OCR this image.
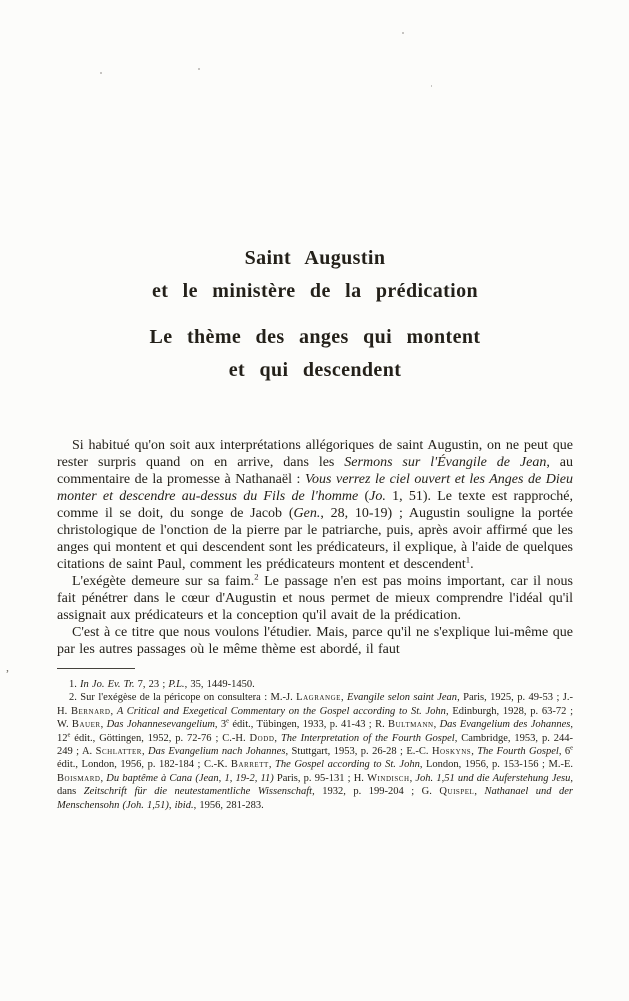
,
Saint Augustin
et le ministère de la prédication
Le thème des anges qui montent
et qui descendent

Si habitué qu'on soit aux interprétations allégoriques de saint Augustin, on ne peut que rester surpris quand on en arrive, dans les Sermons sur l'Évangile de Jean, au commentaire de la promesse à Nathanaël : Vous verrez le ciel ouvert et les Anges de Dieu monter et descendre au-dessus du Fils de l'homme (Jo. 1, 51). Le texte est rapproché, comme il se doit, du songe de Jacob (Gen., 28, 10-19) ; Augustin souligne la portée christologique de l'onction de la pierre par le patriarche, puis, après avoir affirmé que les anges qui montent et qui descendent sont les prédicateurs, il explique, à l'aide de quelques citations de saint Paul, comment les prédicateurs montent et descendent$^1$.

L'exégète demeure sur sa faim.$^2$ Le passage n'en est pas moins important, car il nous fait pénétrer dans le cœur d'Augustin et nous permet de mieux comprendre l'idéal qu'il assignait aux prédicateurs et la conception qu'il avait de la prédication.

C'est à ce titre que nous voulons l'étudier. Mais, parce qu'il ne s'explique lui-même que par les autres passages où le même thème est abordé, il faut

1. In Jo. Ev. Tr. 7, 23 ; P.L., 35, 1449-1450.

2. Sur l'exégèse de la péricope on consultera : M.-J. Lagrange, Evangile selon saint Jean, Paris, 1925, p. 49-53 ; J.-H. Bernard, A Critical and Exegetical Commentary on the Gospel according to St. John, Edinburgh, 1928, p. 63-72 ; W. Bauer, Das Johannesevangelium, 3e édit., Tübingen, 1933, p. 41-43 ; R. Bultmann, Das Evangelium des Johannes, 12e édit., Göttingen, 1952, p. 72-76 ; C.-H. Dodd, The Interpretation of the Fourth Gospel, Cambridge, 1953, p. 244-249 ; A. Schlatter, Das Evangelium nach Johannes, Stuttgart, 1953, p. 26-28 ; E.-C. Hoskyns, The Fourth Gospel, 6e édit., London, 1956, p. 182-184 ; C.-K. Barrett, The Gospel according to St. John, London, 1956, p. 153-156 ; M.-E. Boismard, Du baptême à Cana (Jean, 1, 19-2, 11) Paris, p. 95-131 ; H. Windisch, Joh. 1,51 und die Auferstehung Jesu, dans Zeitschrift für die neutestamentliche Wissenschaft, 1932, p. 199-204 ; G. Quispel, Nathanael und der Menschensohn (Joh. 1,51), ibid., 1956, 281-283.
